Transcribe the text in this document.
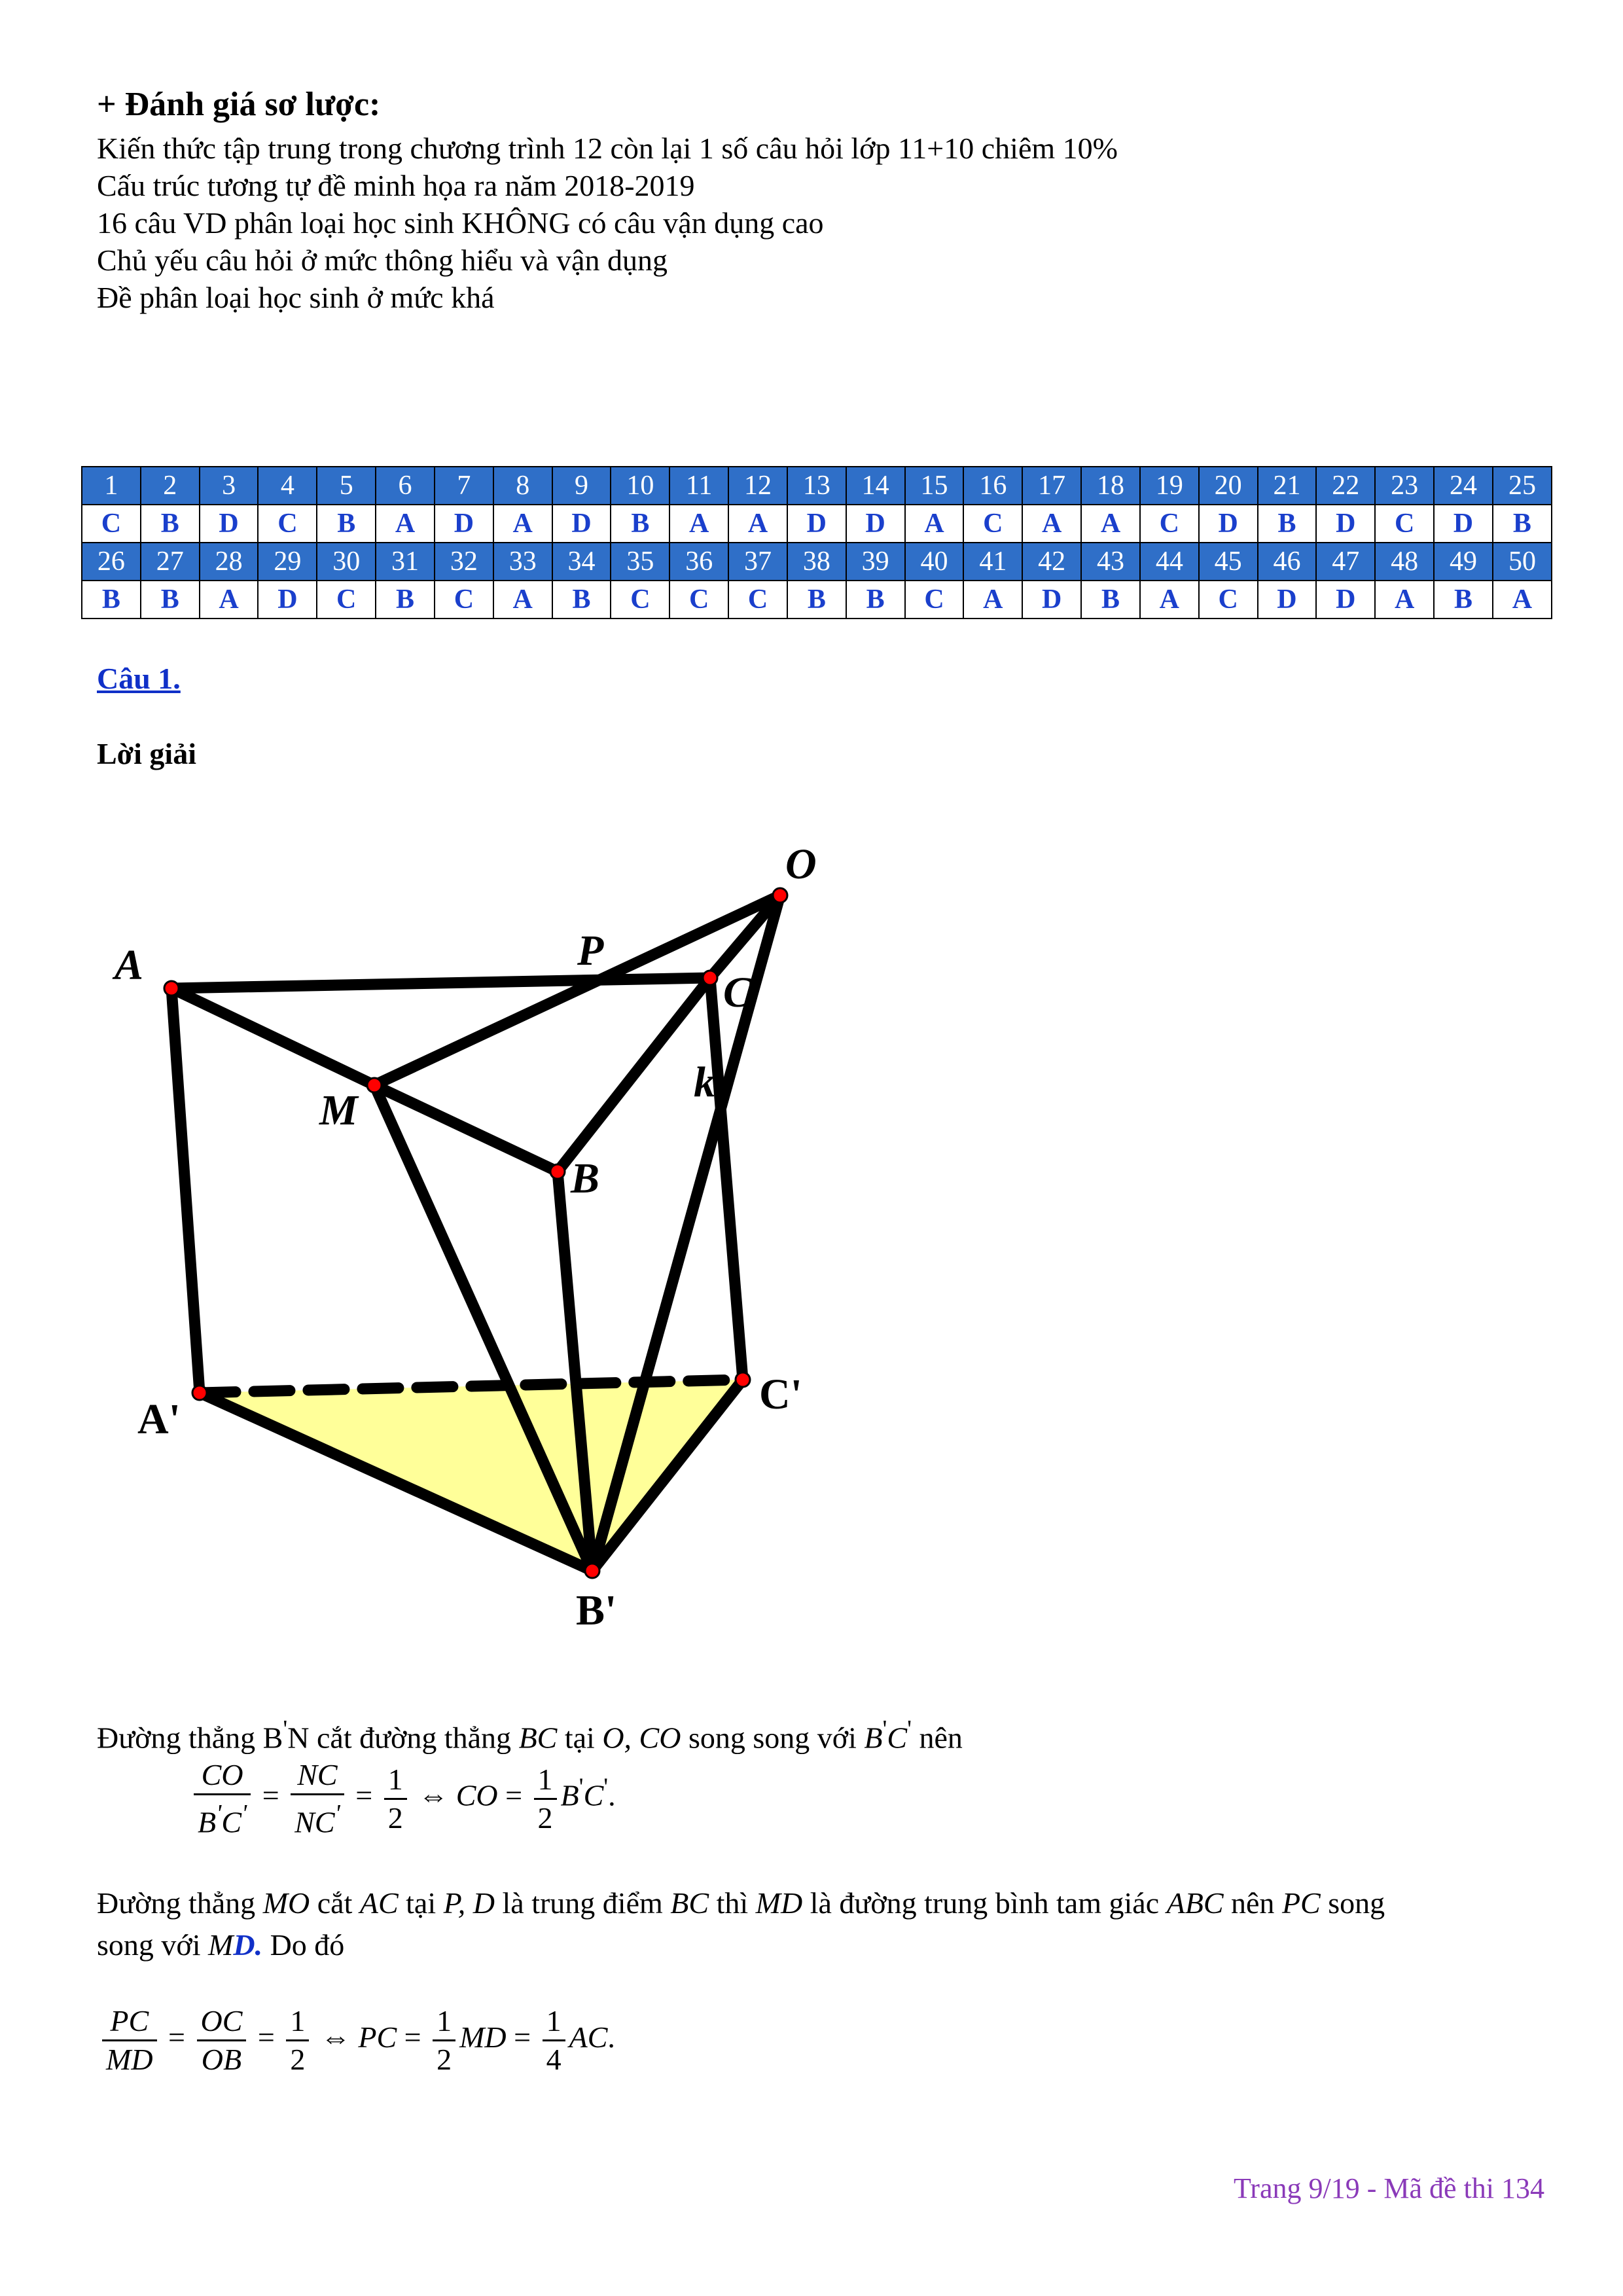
+ Đánh giá sơ lược:
Kiến thức tập trung trong chương trình 12 còn lại 1 số câu hỏi lớp 11+10 chiêm 10%
Cấu trúc tương tự đề minh họa ra năm 2018-2019
16 câu VD phân loại học sinh KHÔNG có câu vận dụng cao
Chủ yếu câu hỏi ở mức thông hiểu và vận dụng
Đề phân loại học sinh ở mức khá
1	2	3	4	5	6	7	8	9	10	11	12	13	14	15	16	17	18	19	20	21	22	23	24	25
C	B	D	C	B	A	D	A	D	B	A	A	D	D	A	C	A	A	C	D	B	D	C	D	B
26	27	28	29	30	31	32	33	34	35	36	37	38	39	40	41	42	43	44	45	46	47	48	49	50
B	B	A	D	C	B	C	A	B	C	C	C	B	B	C	A	D	B	A	C	D	D	A	B	A
Câu 1.
Lời giải
O
P
A
C
M
k
B
A'
C'
B'
Đường thẳng B'N cắt đường thẳng BC tại O, CO song song với B'C' nên
$\frac{CO}{B'C'} = \frac{NC}{NC'} = \frac{1}{2}$ ⇔ CO = $\frac{1}{2} B'C'$.
Đường thẳng MO cắt AC tại P, D là trung điểm BC thì MD là đường trung bình tam giác ABC nên PC song
song với MD. Do đó
$\frac{PC}{MD} = \frac{OC}{OB} = \frac{1}{2}$ ⇔ PC = $\frac{1}{2}$ MD = $\frac{1}{4}$ AC.
Trang 9/19 - Mã đề thi 134
